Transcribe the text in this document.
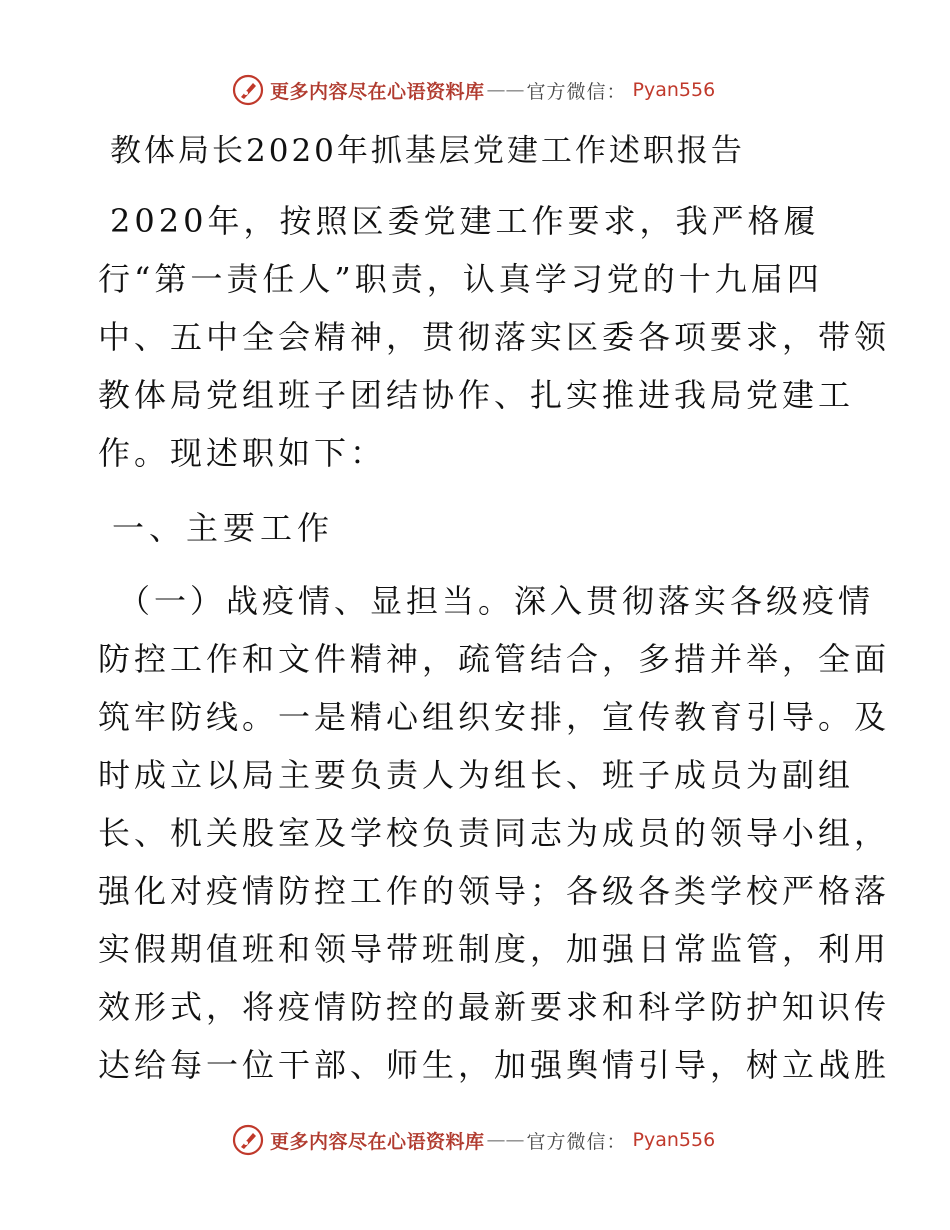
更多内容尽在心语资料库 —— 官方微信： Pyan556
教体局长2020年抓基层党建工作述职报告
2020年，按照区委党建工作要求，我严格履
行“第一责任人”职责，认真学习党的十九届四
中、五中全会精神，贯彻落实区委各项要求，带领
教体局党组班子团结协作、扎实推进我局党建工
作。现述职如下：
一、主要工作
（一）战疫情、显担当。深入贯彻落实各级疫情
防控工作和文件精神，疏管结合，多措并举，全面
筑牢防线。一是精心组织安排，宣传教育引导。及
时成立以局主要负责人为组长、班子成员为副组
长、机关股室及学校负责同志为成员的领导小组，
强化对疫情防控工作的领导；各级各类学校严格落
实假期值班和领导带班制度，加强日常监管，利用
效形式，将疫情防控的最新要求和科学防护知识传
达给每一位干部、师生，加强舆情引导，树立战胜
更多内容尽在心语资料库 —— 官方微信： Pyan556
